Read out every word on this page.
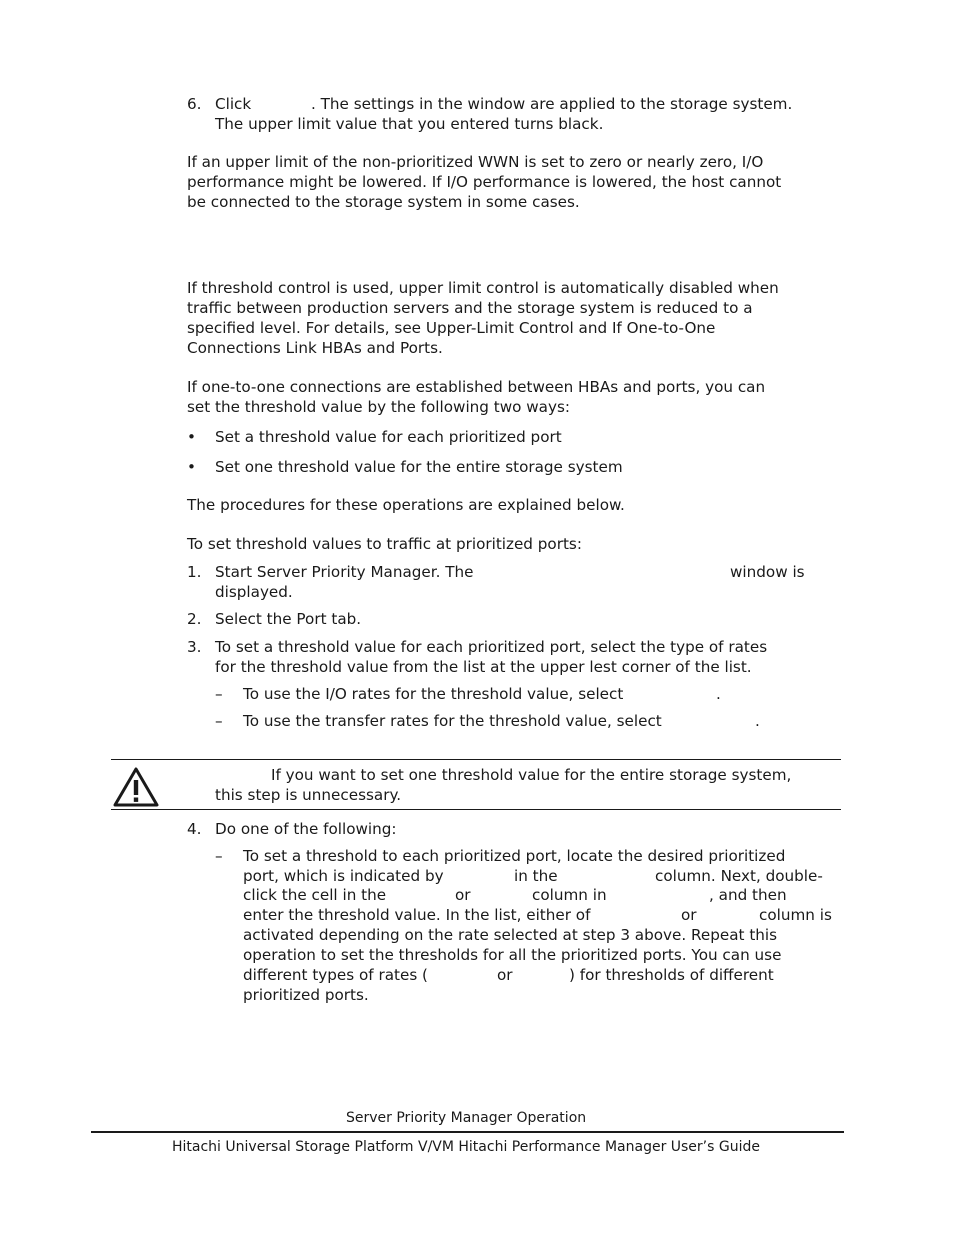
6. Click	. The settings in the window are applied to the storage system.
The upper limit value that you entered turns black.
If an upper limit of the non-prioritized WWN is set to zero or nearly zero, I/O
performance might be lowered. If I/O performance is lowered, the host cannot
be connected to the storage system in some cases.
If threshold control is used, upper limit control is automatically disabled when
traffic between production servers and the storage system is reduced to a
specified level. For details, see Upper-Limit Control and If One-to-One
Connections Link HBAs and Ports.
If one-to-one connections are established between HBAs and ports, you can
set the threshold value by the following two ways:
• Set a threshold value for each prioritized port
• Set one threshold value for the entire storage system
The procedures for these operations are explained below.
To set threshold values to traffic at prioritized ports:
1. Start Server Priority Manager. The	window is
displayed.
2. Select the Port tab.
3. To set a threshold value for each prioritized port, select the type of rates
for the threshold value from the list at the upper lest corner of the list.
– To use the I/O rates for the threshold value, select	.
– To use the transfer rates for the threshold value, select	.
If you want to set one threshold value for the entire storage system,
this step is unnecessary.
4. Do one of the following:
– To set a threshold to each prioritized port, locate the desired prioritized
port, which is indicated by	in the	column. Next, double-
click the cell in the	or	column in	, and then
enter the threshold value. In the list, either of	or	column is
activated depending on the rate selected at step 3 above. Repeat this
operation to set the thresholds for all the prioritized ports. You can use
different types of rates (	or	) for thresholds of different
prioritized ports.
Server Priority Manager Operation
Hitachi Universal Storage Platform V/VM Hitachi Performance Manager User’s Guide
